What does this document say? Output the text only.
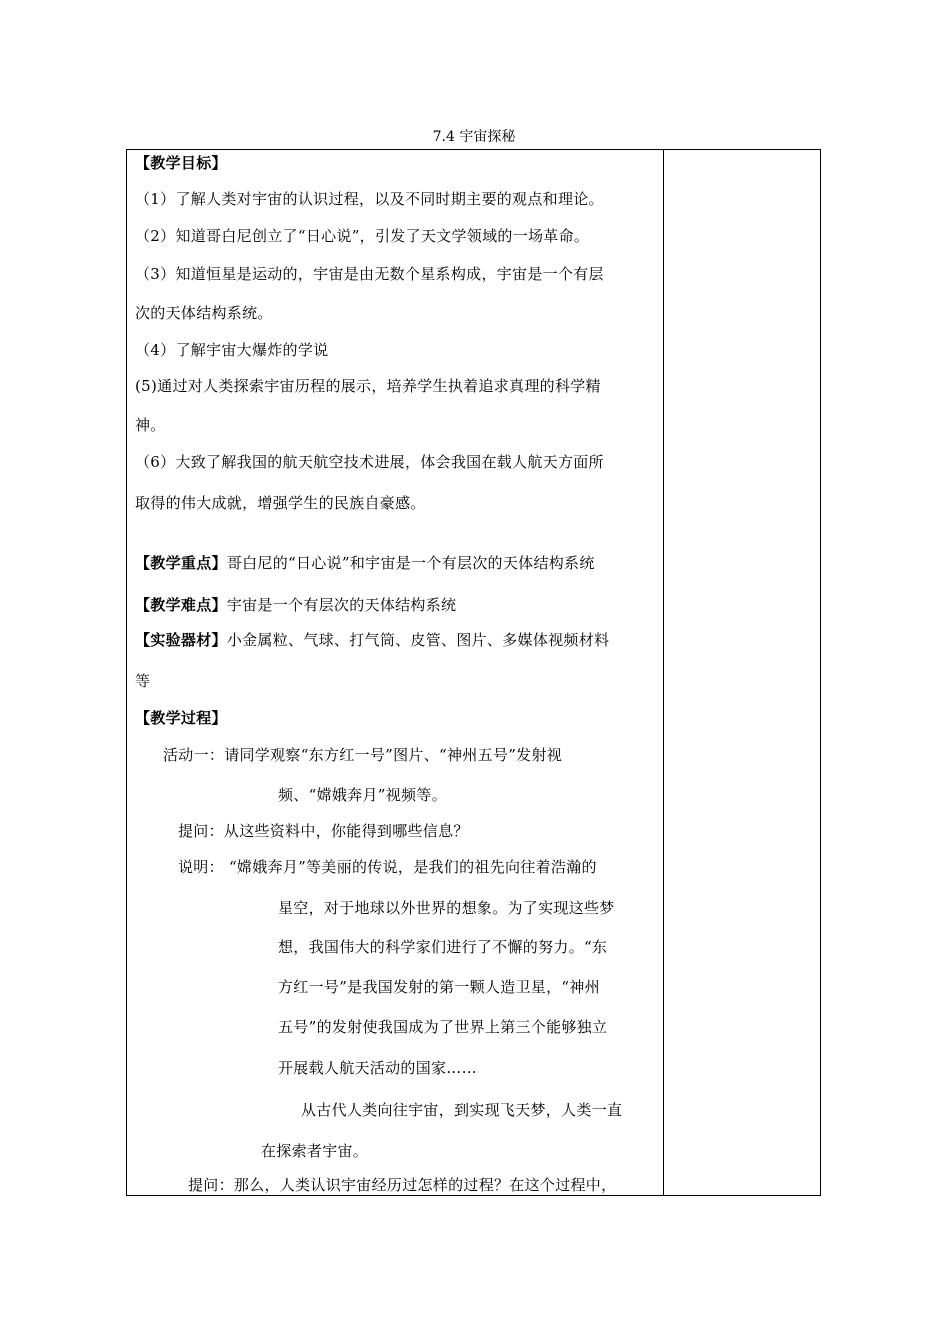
7.4 宇宙探秘
【教学目标】
（1）了解人类对宇宙的认识过程，以及不同时期主要的观点和理论。
（2）知道哥白尼创立了“日心说”，引发了天文学领域的一场革命。
（3）知道恒星是运动的，宇宙是由无数个星系构成，宇宙是一个有层
次的天体结构系统。
（4）了解宇宙大爆炸的学说
(5)通过对人类探索宇宙历程的展示，培养学生执着追求真理的科学精
神。
（6）大致了解我国的航天航空技术进展，体会我国在载人航天方面所
取得的伟大成就，增强学生的民族自豪感。
【教学重点】哥白尼的“日心说”和宇宙是一个有层次的天体结构系统
【教学难点】宇宙是一个有层次的天体结构系统
【实验器材】小金属粒、气球、打气筒、皮管、图片、多媒体视频材料
等
【教学过程】
活动一：请同学观察“东方红一号”图片、“神州五号”发射视
频、“嫦娥奔月”视频等。
提问：从这些资料中，你能得到哪些信息？
说明： “嫦娥奔月”等美丽的传说，是我们的祖先向往着浩瀚的
星空，对于地球以外世界的想象。为了实现这些梦
想，我国伟大的科学家们进行了不懈的努力。“东
方红一号”是我国发射的第一颗人造卫星，“神州
五号”的发射使我国成为了世界上第三个能够独立
开展载人航天活动的国家……
从古代人类向往宇宙，到实现飞天梦，人类一直
在探索者宇宙。
提问：那么，人类认识宇宙经历过怎样的过程？在这个过程中，
